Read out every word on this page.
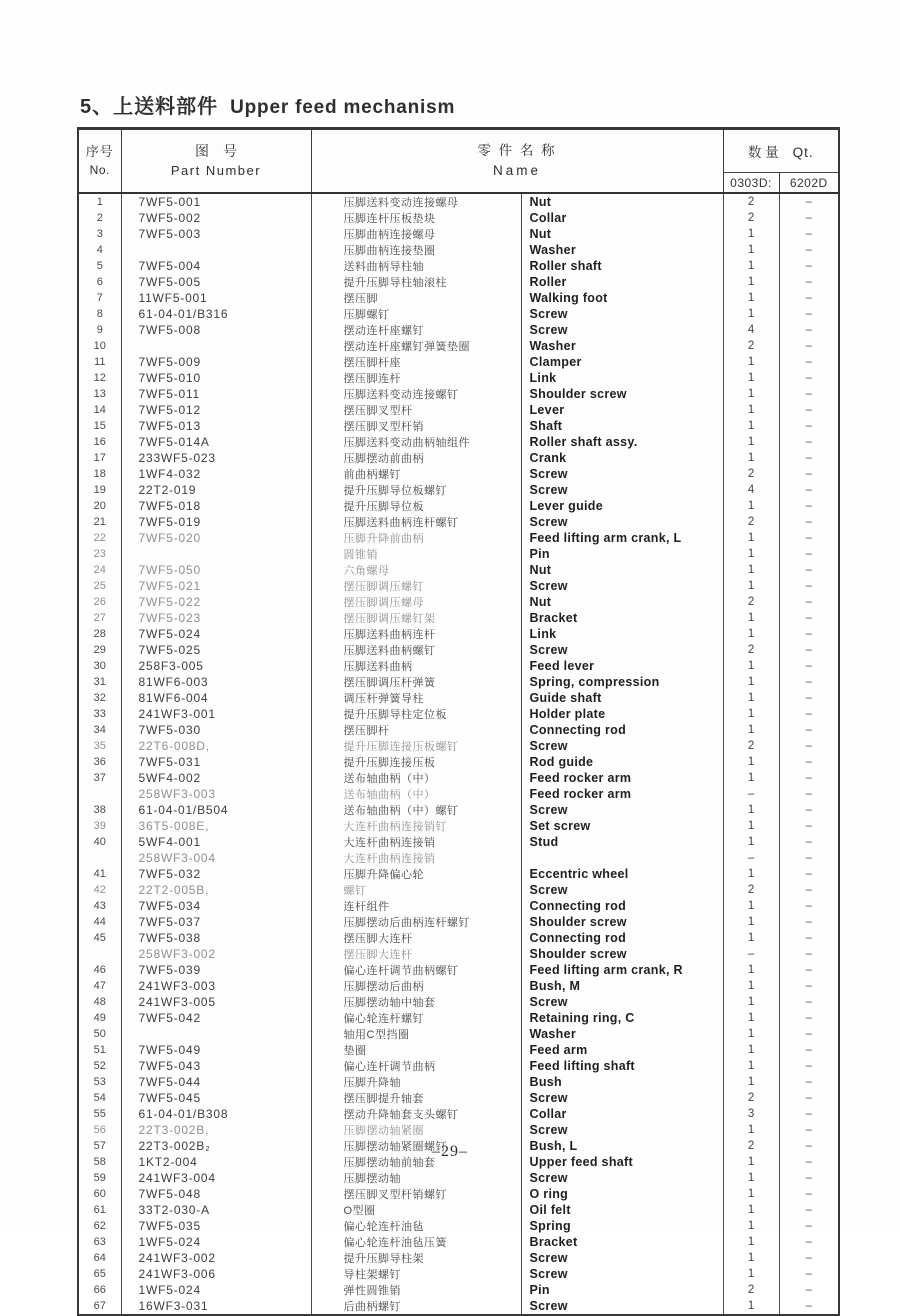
5、上送料部件 Upper feed mechanism
序号
No.	图　号
Part Number	零 件 名 称
Name		数 量 Qt.	
				0303D:	6202D
1	7WF5-001	压脚送料变动连接螺母	Nut	2	–
2	7WF5-002	压脚连杆压板垫块	Collar	2	–
3	7WF5-003	压脚曲柄连接螺母	Nut	1	–
4		压脚曲柄连接垫圈	Washer	1	–
5	7WF5-004	送料曲柄导柱轴	Roller shaft	1	–
6	7WF5-005	提升压脚导柱轴滚柱	Roller	1	–
7	11WF5-001	摆压脚	Walking foot	1	–
8	61-04-01/B316	压脚螺钉	Screw	1	–
9	7WF5-008	摆动连杆座螺钉	Screw	4	–
10		摆动连杆座螺钉弹簧垫圈	Washer	2	–
11	7WF5-009	摆压脚杆座	Clamper	1	–
12	7WF5-010	摆压脚连杆	Link	1	–
13	7WF5-011	压脚送料变动连接螺钉	Shoulder screw	1	–
14	7WF5-012	摆压脚叉型杆	Lever	1	–
15	7WF5-013	摆压脚叉型杆销	Shaft	1	–
16	7WF5-014A	压脚送料变动曲柄轴组件	Roller shaft assy.	1	–
17	233WF5-023	压脚摆动前曲柄	Crank	1	–
18	1WF4-032	前曲柄螺钉	Screw	2	–
19	22T2-019	提升压脚导位板螺钉	Screw	4	–
20	7WF5-018	提升压脚导位板	Lever guide	1	–
21	7WF5-019	压脚送料曲柄连杆螺钉	Screw	2	–
22	7WF5-020	压脚升降前曲柄	Feed lifting arm crank, L	1	–
23		圆锥销	Pin	1	–
24	7WF5-050	六角螺母	Nut	1	–
25	7WF5-021	摆压脚调压螺钉	Screw	1	–
26	7WF5-022	摆压脚调压螺母	Nut	2	–
27	7WF5-023	摆压脚调压螺钉架	Bracket	1	–
28	7WF5-024	压脚送料曲柄连杆	Link	1	–
29	7WF5-025	压脚送料曲柄螺钉	Screw	2	–
30	258F3-005	压脚送料曲柄	Feed lever	1	–
31	81WF6-003	摆压脚调压杆弹簧	Spring, compression	1	–
32	81WF6-004	调压杆弹簧导柱	Guide shaft	1	–
33	241WF3-001	提升压脚导柱定位板	Holder plate	1	–
34	7WF5-030	摆压脚杆	Connecting rod	1	–
35	22T6-008D,	提升压脚连接压板螺钉	Screw	2	–
36	7WF5-031	提升压脚连接压板	Rod guide	1	–
37	5WF4-002	送布轴曲柄（中）	Feed rocker arm	1	–
	258WF3-003	送布轴曲柄（中）	Feed rocker arm	–	–
38	61-04-01/B504	送布轴曲柄（中）螺钉	Screw	1	–
39	36T5-008E,	大连杆曲柄连接销钉	Set screw	1	–
40	5WF4-001	大连杆曲柄连接销	Stud	1	–
	258WF3-004	大连杆曲柄连接销		–	–
41	7WF5-032	压脚升降偏心轮	Eccentric wheel	1	–
42	22T2-005B,	螺钉	Screw	2	–
43	7WF5-034	连杆组件	Connecting rod	1	–
44	7WF5-037	压脚摆动后曲柄连杆螺钉	Shoulder screw	1	–
45	7WF5-038	摆压脚大连杆	Connecting rod	1	–
	258WF3-002	摆压脚大连杆	Shoulder screw	–	–
46	7WF5-039	偏心连杆调节曲柄螺钉	Feed lifting arm crank, R	1	–
47	241WF3-003	压脚摆动后曲柄	Bush, M	1	–
48	241WF3-005	压脚摆动轴中轴套	Screw	1	–
49	7WF5-042	偏心轮连杆螺钉	Retaining ring, C	1	–
50		轴用C型挡圈	Washer	1	–
51	7WF5-049	垫圈	Feed arm	1	–
52	7WF5-043	偏心连杆调节曲柄	Feed lifting shaft	1	–
53	7WF5-044	压脚升降轴	Bush	1	–
54	7WF5-045	摆压脚提升轴套	Screw	2	–
55	61-04-01/B308	摆动升降轴套支头螺钉	Collar	3	–
56	22T3-002B,	压脚摆动轴紧圈	Screw	1	–
57	22T3-002B₂	压脚摆动轴紧圈螺钉	Bush, L	2	–
58	1KT2-004	压脚摆动轴前轴套	Upper feed shaft	1	–
59	241WF3-004	压脚摆动轴	Screw	1	–
60	7WF5-048	摆压脚叉型杆销螺钉	O ring	1	–
61	33T2-030-A	O型圈	Oil felt	1	–
62	7WF5-035	偏心轮连杆油毡	Spring	1	–
63	1WF5-024	偏心轮连杆油毡压簧	Bracket	1	–
64	241WF3-002	提升压脚导柱架	Screw	1	–
65	241WF3-006	导柱架螺钉	Screw	1	–
66	1WF5-024	弹性圆锥销	Pin	2	–
67	16WF3-031	后曲柄螺钉	Screw	1	–
–29–
